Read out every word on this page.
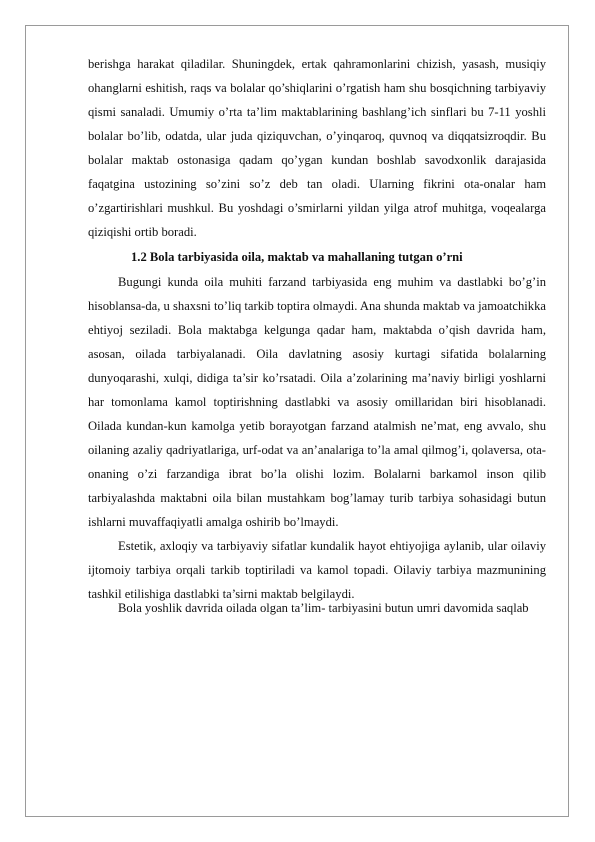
berishga harakat qiladilar. Shuningdek, ertak qahramonlarini chizish, yasash, musiqiy ohanglarni eshitish, raqs va bolalar qo’shiqlarini o’rgatish ham shu bosqichning tarbiyaviy qismi sanaladi. Umumiy o’rta ta’lim maktablarining bashlang’ich sinflari bu 7-11 yoshli bolalar bo’lib, odatda, ular juda qiziquvchan, o’yinqaroq, quvnoq va diqqatsizroqdir. Bu bolalar maktab ostonasiga qadam qo’ygan kundan boshlab savodxonlik darajasida faqatgina ustozining so’zini so’z deb tan oladi. Ularning fikrini ota-onalar ham o’zgartirishlari mushkul. Bu yoshdagi o’smirlarni yildan yilga atrof muhitga, voqealarga qiziqishi ortib boradi.

1.2 Bola tarbiyasida oila, maktab va mahallaning tutgan o’rni

Bugungi kunda oila muhiti farzand tarbiyasida eng muhim va dastlabki bo’g’in hisoblansa-da, u shaxsni to’liq tarkib toptira olmaydi. Ana shunda maktab va jamoatchikka ehtiyoj seziladi. Bola maktabga kelgunga qadar ham, maktabda o’qish davrida ham, asosan, oilada tarbiyalanadi. Oila davlatning asosiy kurtagi sifatida bolalarning dunyoqarashi, xulqi, didiga ta’sir ko’rsatadi. Oila a’zolarining ma’naviy birligi yoshlarni har tomonlama kamol toptirishning dastlabki va asosiy omillaridan biri hisoblanadi. Oilada kundan-kun kamolga yetib borayotgan farzand atalmish ne’mat, eng avvalo, shu oilaning azaliy qadriyatlariga, urf-odat va an’analariga to’la amal qilmog’i, qolaversa, ota-onaning o’zi farzandiga ibrat bo’la olishi lozim. Bolalarni barkamol inson qilib tarbiyalashda maktabni oila bilan mustahkam bog’lamay turib tarbiya sohasidagi butun ishlarni muvaffaqiyatli amalga oshirib bo’lmaydi.

Estetik, axloqiy va tarbiyaviy sifatlar kundalik hayot ehtiyojiga aylanib, ular oilaviy ijtomoiy tarbiya orqali tarkib toptiriladi va kamol topadi. Oilaviy tarbiya mazmunining tashkil etilishiga dastlabki ta’sirni maktab belgilaydi.

Bola yoshlik davrida oilada olgan ta’lim- tarbiyasini butun umri davomida saqlab
